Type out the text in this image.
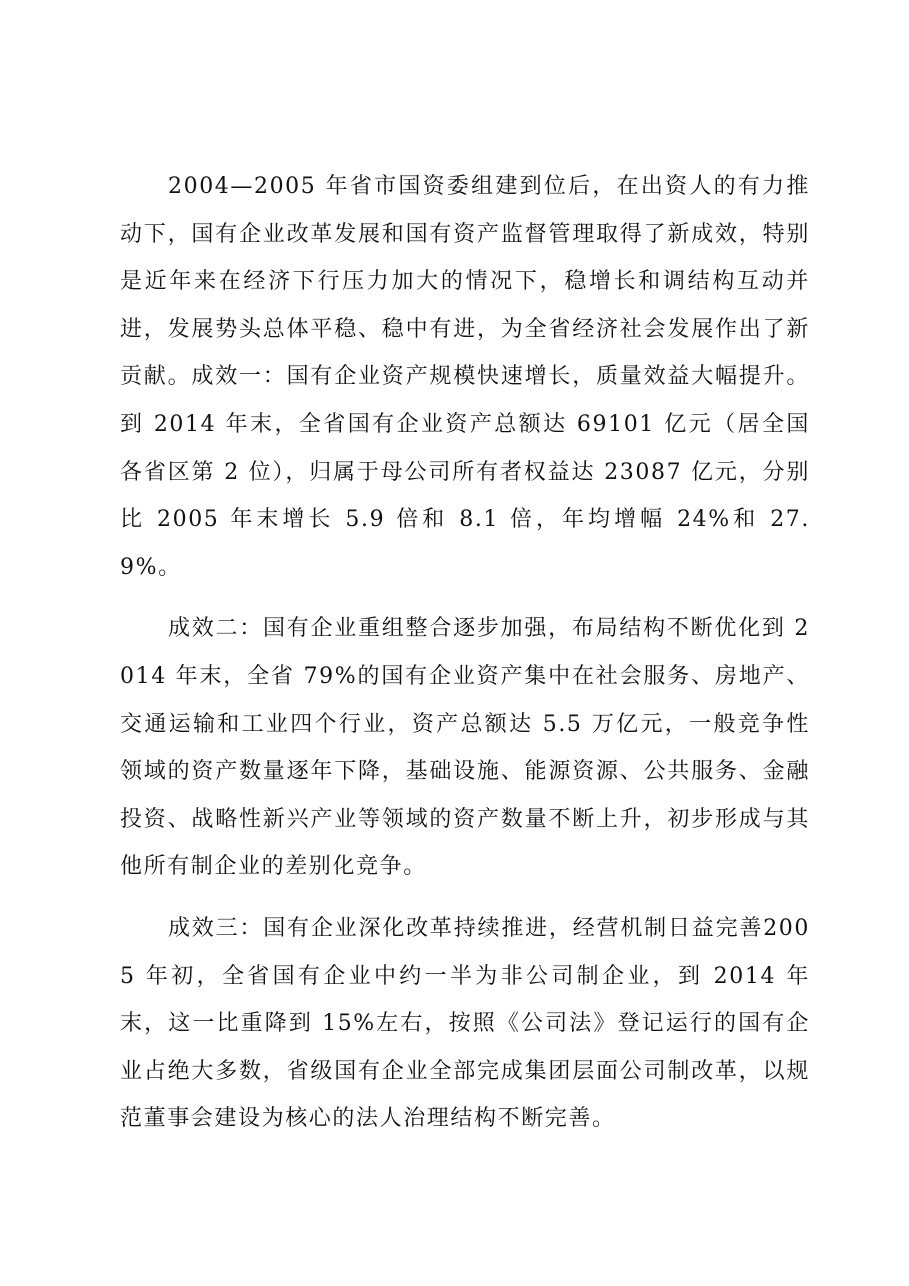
2004—2005 年省市国资委组建到位后，在出资人的有力推动下，国有企业改革发展和国有资产监督管理取得了新成效，特别是近年来在经济下行压力加大的情况下，稳增长和调结构互动并进，发展势头总体平稳、稳中有进，为全省经济社会发展作出了新贡献。成效一：国有企业资产规模快速增长，质量效益大幅提升。到 2014 年末，全省国有企业资产总额达 69101 亿元（居全国各省区第 2 位），归属于母公司所有者权益达 23087 亿元，分别比 2005 年末增长 5.9 倍和 8.1 倍，年均增幅 24%和 27.9%。

成效二：国有企业重组整合逐步加强，布局结构不断优化到 2014 年末，全省 79%的国有企业资产集中在社会服务、房地产、交通运输和工业四个行业，资产总额达 5.5 万亿元，一般竞争性领域的资产数量逐年下降，基础设施、能源资源、公共服务、金融投资、战略性新兴产业等领域的资产数量不断上升，初步形成与其他所有制企业的差别化竞争。

成效三：国有企业深化改革持续推进，经营机制日益完善2005 年初，全省国有企业中约一半为非公司制企业，到 2014 年末，这一比重降到 15%左右，按照《公司法》登记运行的国有企业占绝大多数，省级国有企业全部完成集团层面公司制改革，以规范董事会建设为核心的法人治理结构不断完善。
